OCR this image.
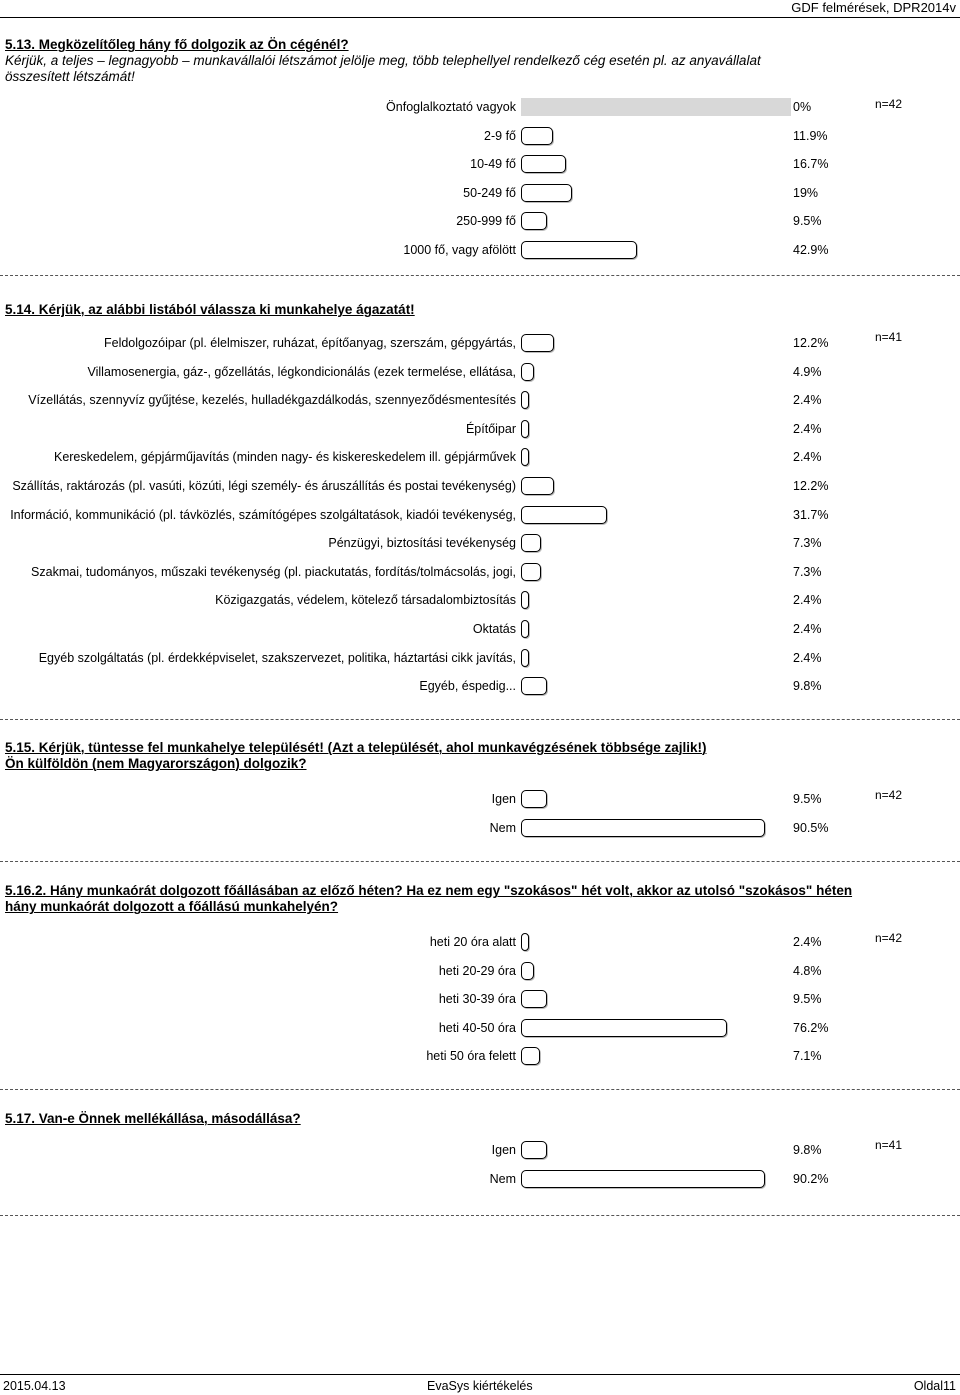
GDF felmérések, DPR2014v
5.13. Megközelítőleg hány fő dolgozik az Ön cégénél?
Kérjük, a teljes – legnagyobb – munkavállalói létszámot jelölje meg, több telephellyel rendelkező cég esetén pl. az anyavállalat
összesített létszámát!
n=42
Önfoglalkoztató vagyok	0%
2-9 fő	11.9%
10-49 fő	16.7%
50-249 fő	19%
250-999 fő	9.5%
1000 fő, vagy afölött	42.9%
5.14. Kérjük, az alábbi listából válassza ki munkahelye ágazatát!
n=41
Feldolgozóipar (pl. élelmiszer, ruházat, építőanyag, szerszám, gépgyártás,	12.2%
Villamosenergia, gáz-, gőzellátás, légkondicionálás (ezek termelése, ellátása,	4.9%
Vízellátás, szennyvíz gyűjtése, kezelés, hulladékgazdálkodás, szennyeződésmentesítés	2.4%
Építőipar	2.4%
Kereskedelem, gépjárműjavítás (minden nagy- és kiskereskedelem ill. gépjárművek	2.4%
Szállítás, raktározás (pl. vasúti, közúti, légi személy- és áruszállítás és postai tevékenység)	12.2%
Információ, kommunikáció (pl. távközlés, számítógépes szolgáltatások, kiadói tevékenység,	31.7%
Pénzügyi, biztosítási tevékenység	7.3%
Szakmai, tudományos, műszaki tevékenység (pl. piackutatás, fordítás/tolmácsolás, jogi,	7.3%
Közigazgatás, védelem, kötelező társadalombiztosítás	2.4%
Oktatás	2.4%
Egyéb szolgáltatás (pl. érdekképviselet, szakszervezet, politika, háztartási cikk javítás,	2.4%
Egyéb, éspedig...	9.8%
5.15. Kérjük, tüntesse fel munkahelye települését! (Azt a települését, ahol munkavégzésének többsége zajlik!)
Ön külföldön (nem Magyarországon) dolgozik?
n=42
Igen	9.5%
Nem	90.5%
5.16.2. Hány munkaórát dolgozott főállásában az előző héten? Ha ez nem egy "szokásos" hét volt, akkor az utolsó "szokásos" héten
hány munkaórát dolgozott a főállású munkahelyén?
n=42
heti 20 óra alatt	2.4%
heti 20-29 óra	4.8%
heti 30-39 óra	9.5%
heti 40-50 óra	76.2%
heti 50 óra felett	7.1%
5.17. Van-e Önnek mellékállása, másodállása?
n=41
Igen	9.8%
Nem	90.2%
2015.04.13	EvaSys kiértékelés	Oldal11
